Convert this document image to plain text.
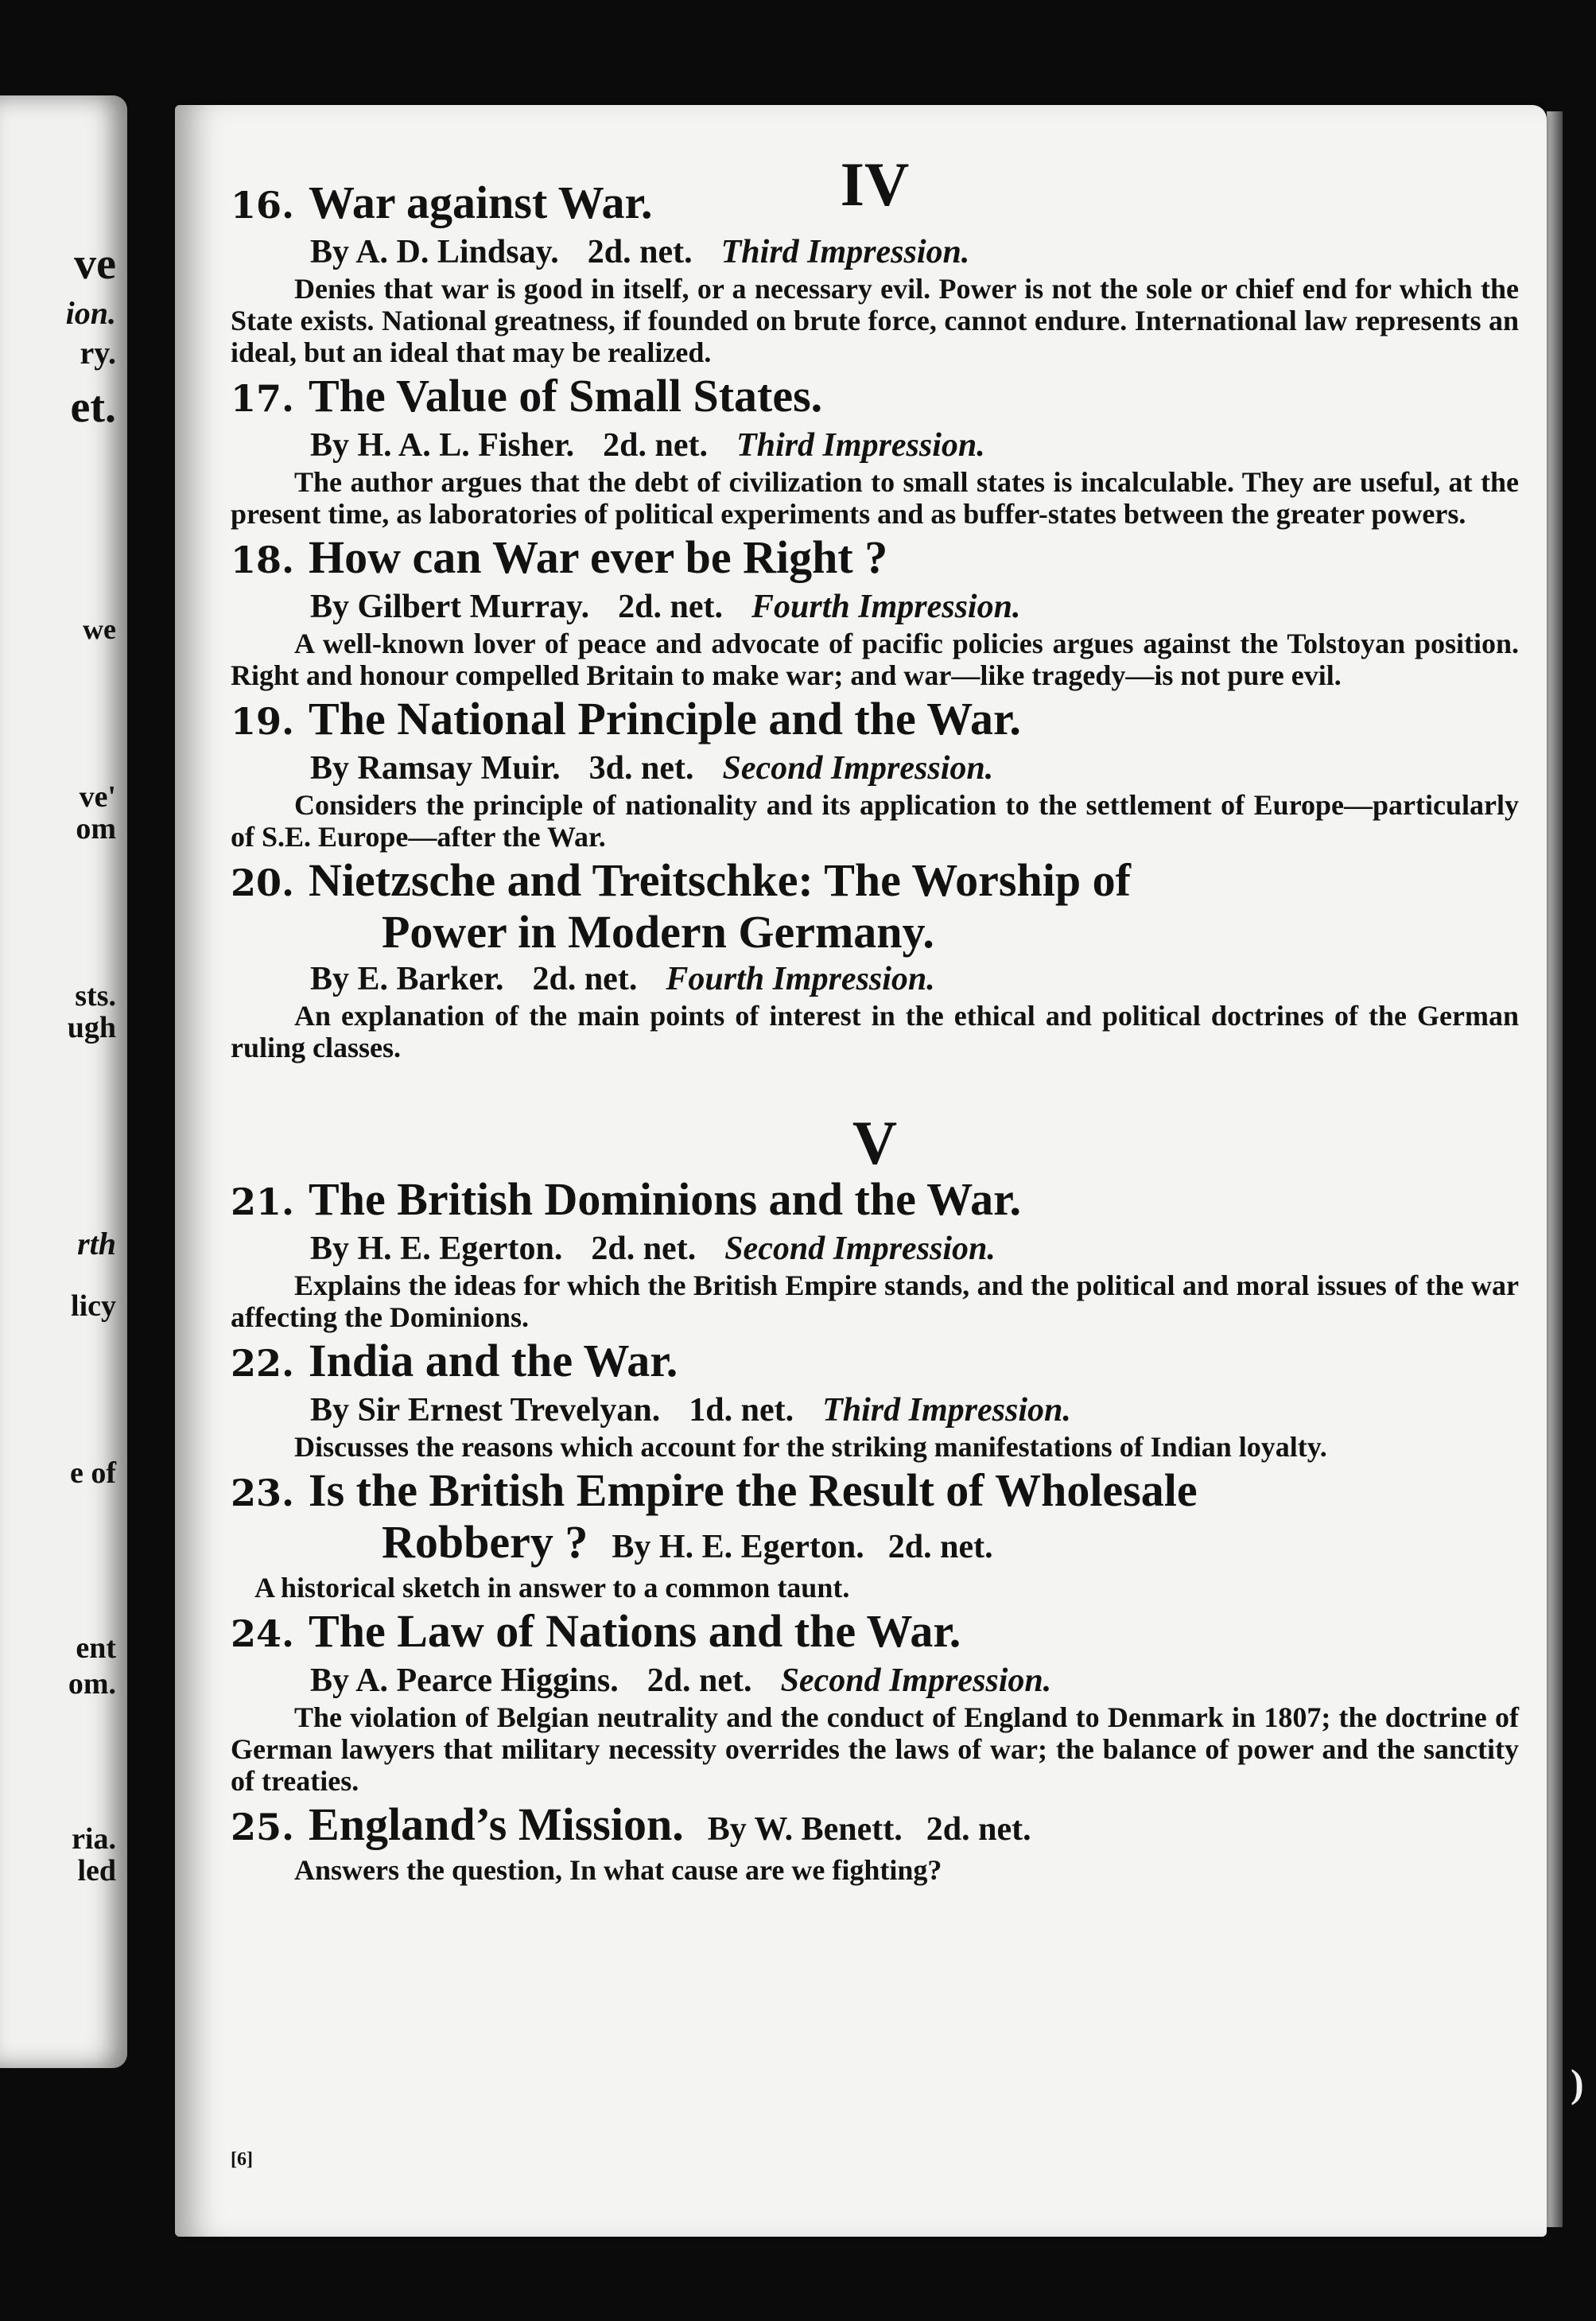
ve
ion.
ry.
et.
we
ve'
om
sts.
ugh
rth
licy
e of
ent
om.
ria.
led
IV
16. War against War.
By A. D. Lindsay. 2d. net. Third Impression.

Denies that war is good in itself, or a necessary evil. Power is not the sole or chief end for which the State exists. National greatness, if founded on brute force, cannot endure. International law represents an ideal, but an ideal that may be realized.

17. The Value of Small States.
By H. A. L. Fisher. 2d. net. Third Impression.

The author argues that the debt of civilization to small states is incalculable. They are useful, at the present time, as laboratories of political experiments and as buffer-states between the greater powers.

18. How can War ever be Right ?
By Gilbert Murray. 2d. net. Fourth Impression.

A well-known lover of peace and advocate of pacific policies argues against the Tolstoyan position. Right and honour compelled Britain to make war; and war—like tragedy—is not pure evil.

19. The National Principle and the War.
By Ramsay Muir. 3d. net. Second Impression.

Considers the principle of nationality and its application to the settlement of Europe—particularly of S.E. Europe—after the War.

20. Nietzsche and Treitschke: The Worship of
Power in Modern Germany.
By E. Barker. 2d. net. Fourth Impression.

An explanation of the main points of interest in the ethical and political doctrines of the German ruling classes.

V
21. The British Dominions and the War.
By H. E. Egerton. 2d. net. Second Impression.

Explains the ideas for which the British Empire stands, and the political and moral issues of the war affecting the Dominions.

22. India and the War.
By Sir Ernest Trevelyan. 1d. net. Third Impression.

Discusses the reasons which account for the striking manifestations of Indian loyalty.

23. Is the British Empire the Result of Wholesale
Robbery ? By H. E. Egerton. 2d. net.

A historical sketch in answer to a common taunt.

24. The Law of Nations and the War.
By A. Pearce Higgins. 2d. net. Second Impression.

The violation of Belgian neutrality and the conduct of England to Denmark in 1807; the doctrine of German lawyers that military necessity overrides the laws of war; the balance of power and the sanctity of treaties.

25. England’s Mission. By W. Benett. 2d. net.

Answers the question, In what cause are we fighting?

[6]
)
